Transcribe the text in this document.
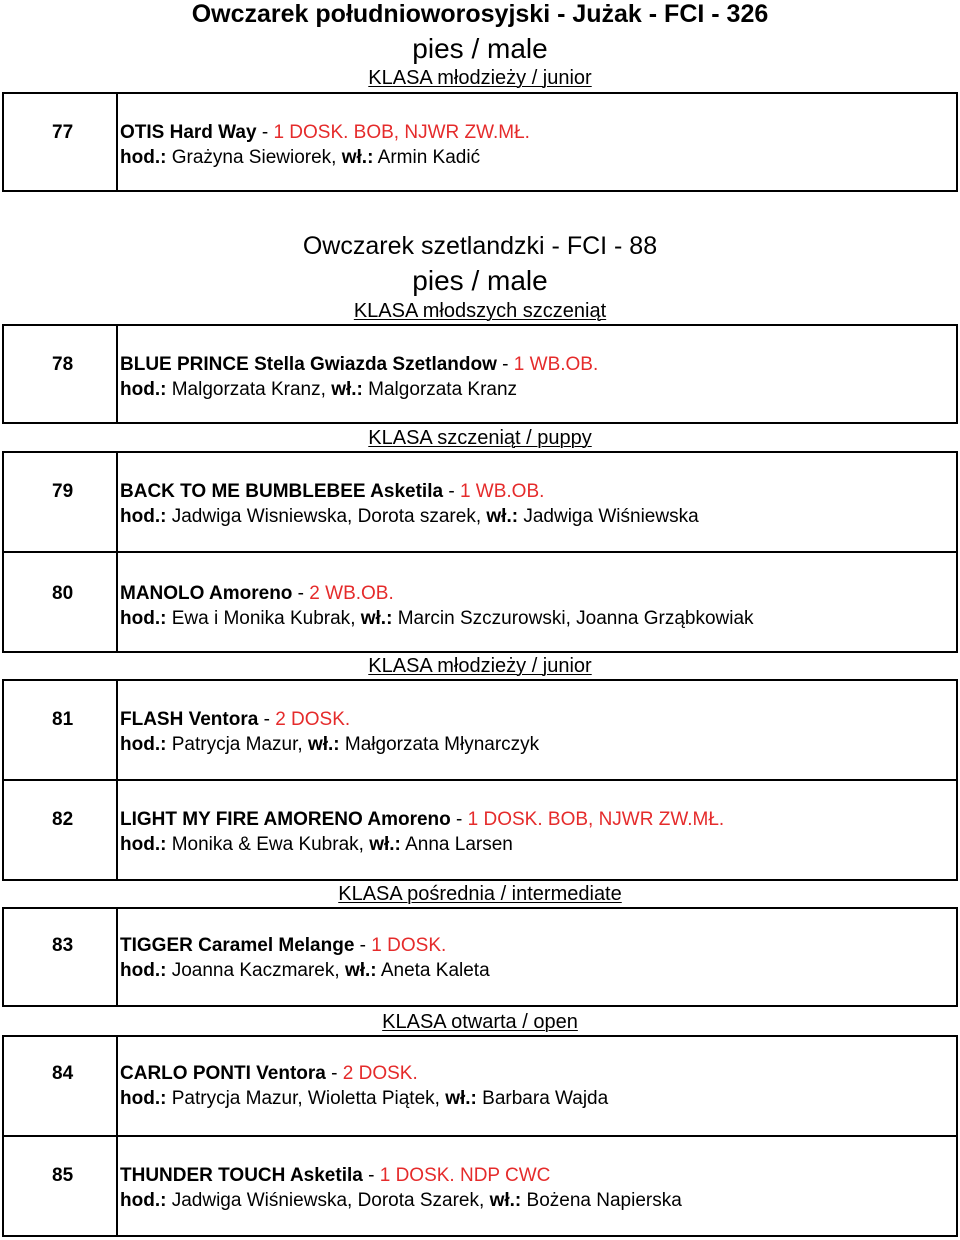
Owczarek południoworosyjski - Jużak - FCI - 326
pies / male
KLASA młodzieży / junior
77 OTIS Hard Way - 1 DOSK. BOB, NJWR ZW.MŁ.
hod.: Grażyna Siewiorek, wł.: Armin Kadić
Owczarek szetlandzki - FCI - 88
pies / male
KLASA młodszych szczeniąt
78 BLUE PRINCE Stella Gwiazda Szetlandow - 1 WB.OB.
hod.: Malgorzata Kranz, wł.: Malgorzata Kranz
KLASA szczeniąt / puppy
79 BACK TO ME BUMBLEBEE Asketila - 1 WB.OB.
hod.: Jadwiga Wisniewska, Dorota szarek, wł.: Jadwiga Wiśniewska
80 MANOLO Amoreno - 2 WB.OB.
hod.: Ewa i Monika Kubrak, wł.: Marcin Szczurowski, Joanna Grząbkowiak
KLASA młodzieży / junior
81 FLASH Ventora - 2 DOSK.
hod.: Patrycja Mazur, wł.: Małgorzata Młynarczyk
82 LIGHT MY FIRE AMORENO Amoreno - 1 DOSK. BOB, NJWR ZW.MŁ.
hod.: Monika & Ewa Kubrak, wł.: Anna Larsen
KLASA pośrednia / intermediate
83 TIGGER Caramel Melange - 1 DOSK.
hod.: Joanna Kaczmarek, wł.: Aneta Kaleta
KLASA otwarta / open
84 CARLO PONTI Ventora - 2 DOSK.
hod.: Patrycja Mazur, Wioletta Piątek, wł.: Barbara Wajda
85 THUNDER TOUCH Asketila - 1 DOSK. NDP CWC
hod.: Jadwiga Wiśniewska, Dorota Szarek, wł.: Bożena Napierska
